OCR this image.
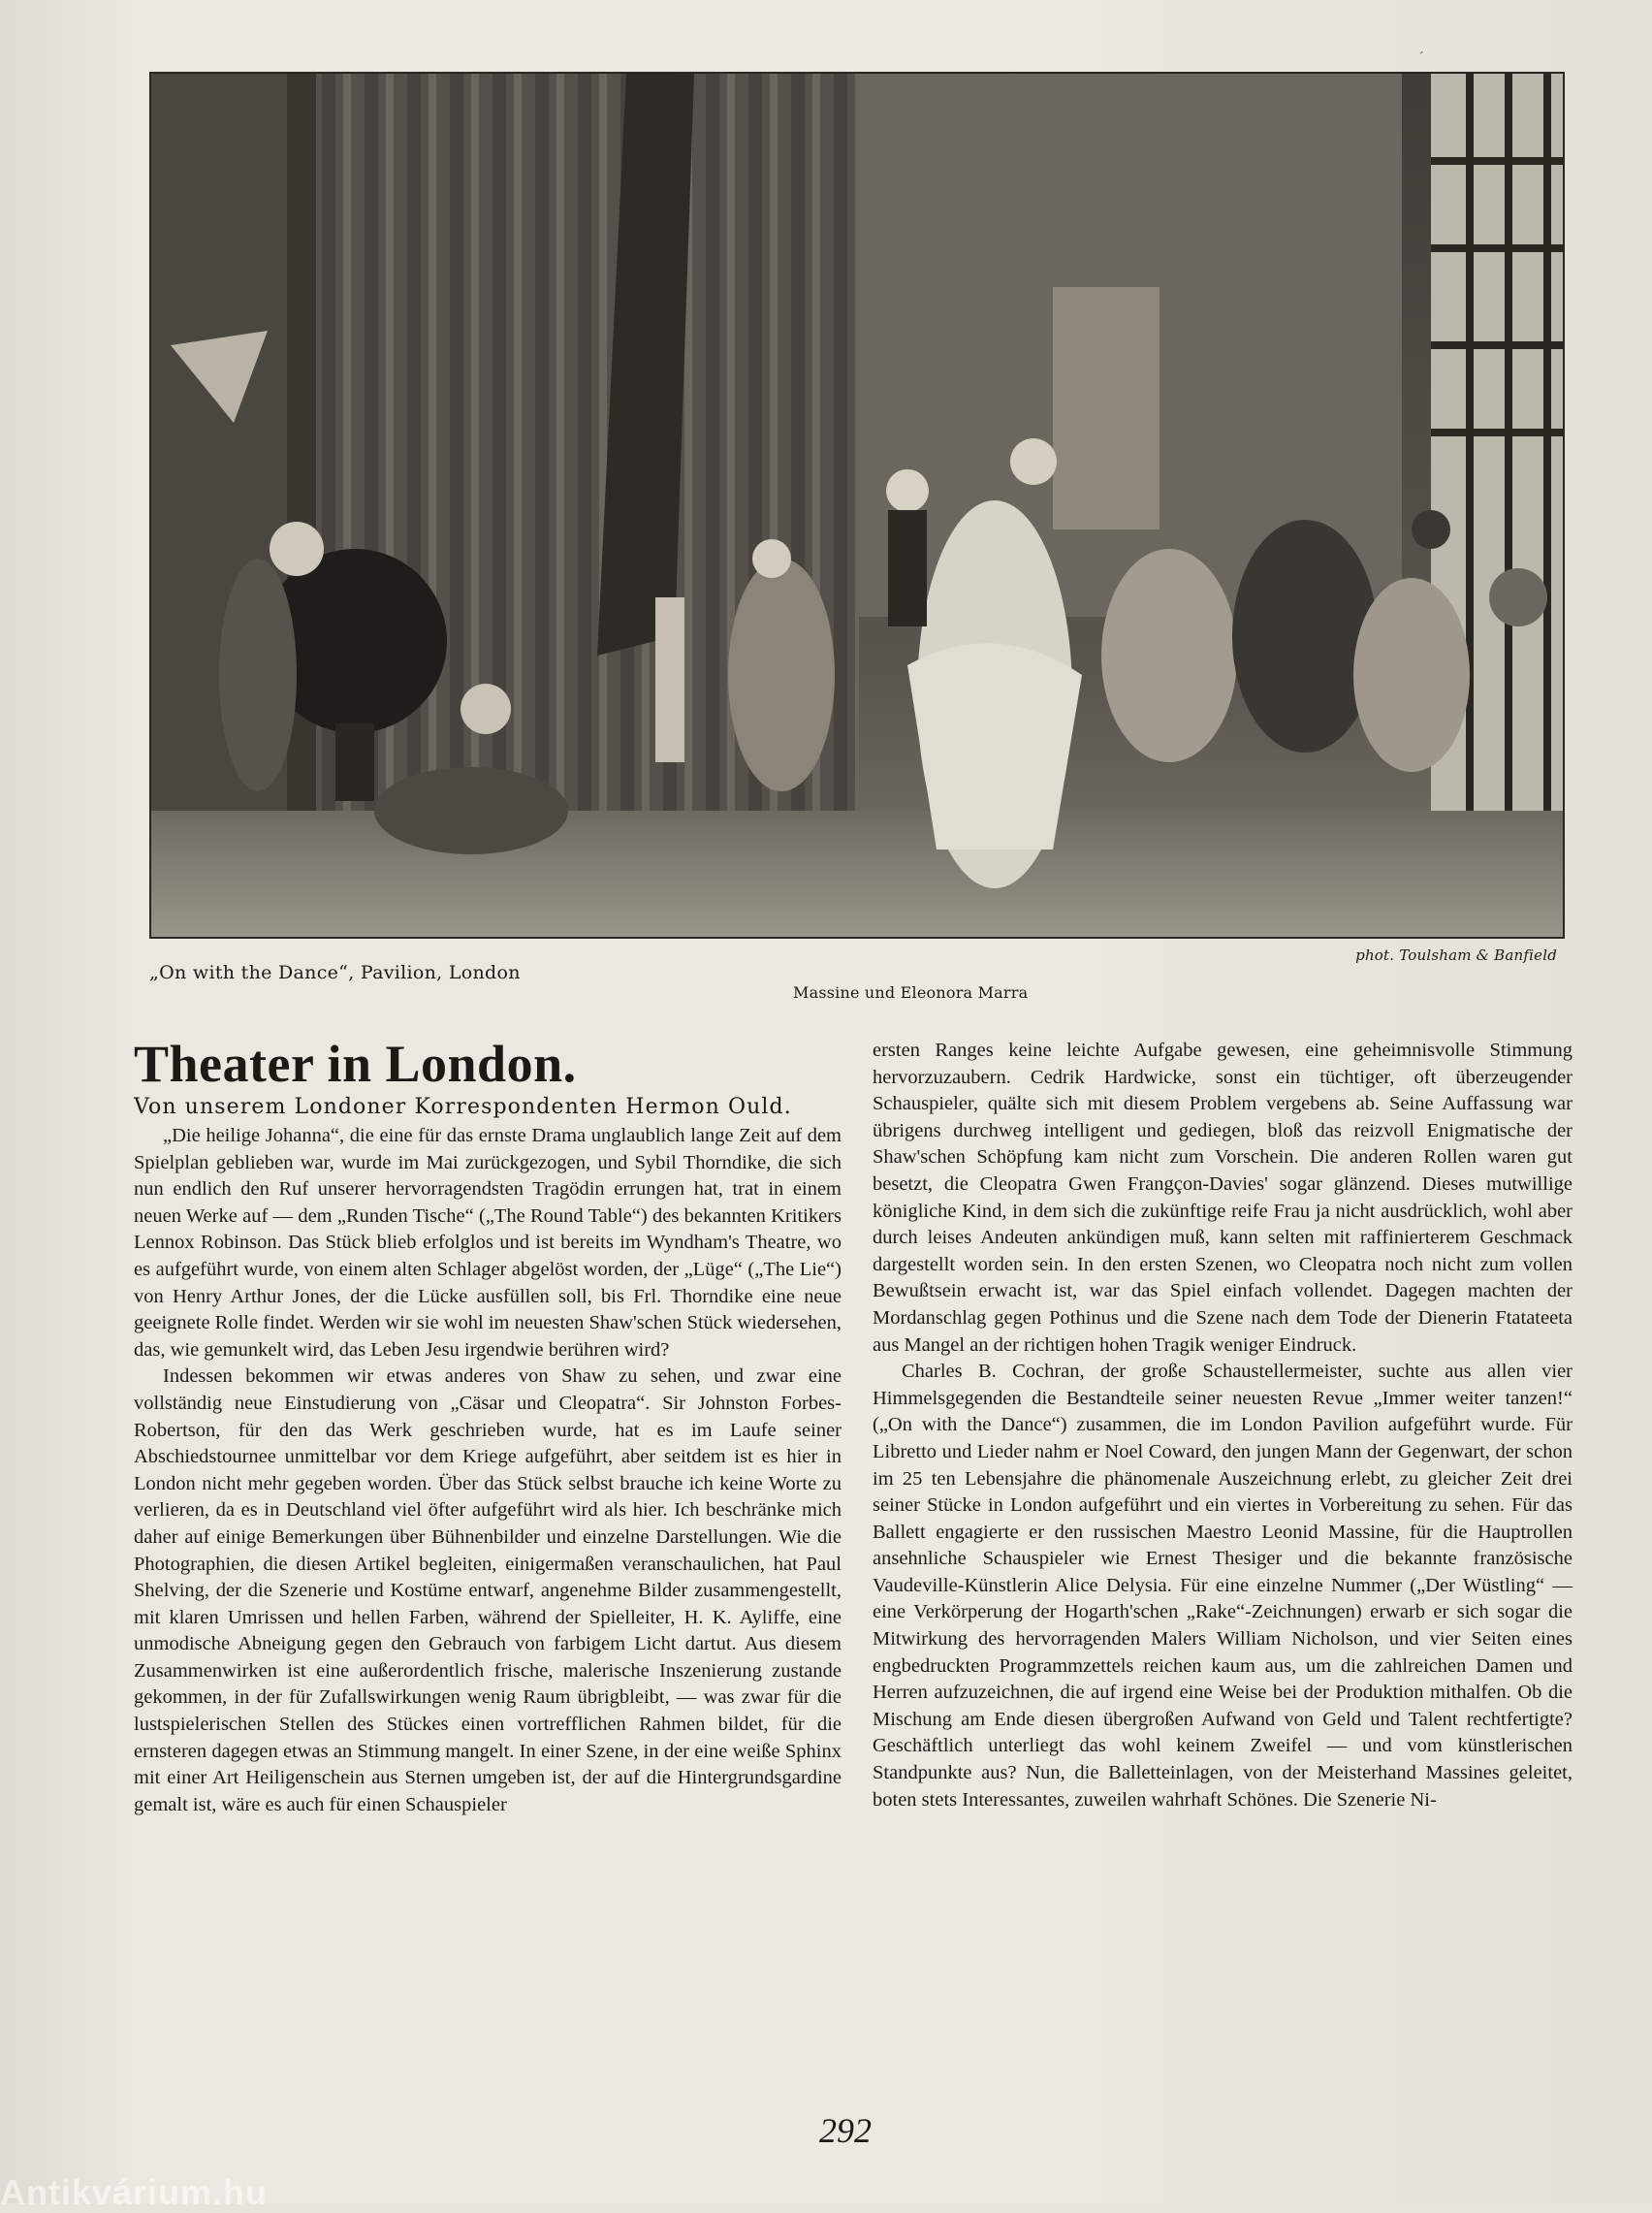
´
„On with the Dance“, Pavilion, London
Massine und Eleonora Marra
phot. Toulsham & Banfield
Theater in London.
Von unserem Londoner Korrespondenten Hermon Ould.

„Die heilige Johanna“, die eine für das ernste Drama unglaublich lange Zeit auf dem Spielplan geblieben war, wurde im Mai zurückgezogen, und Sybil Thorndike, die sich nun endlich den Ruf unserer hervorragendsten Tragödin errungen hat, trat in einem neuen Werke auf — dem „Runden Tische“ („The Round Table“) des bekannten Kritikers Lennox Robinson. Das Stück blieb erfolglos und ist bereits im Wyndham's Theatre, wo es aufgeführt wurde, von einem alten Schlager abgelöst worden, der „Lüge“ („The Lie“) von Henry Arthur Jones, der die Lücke ausfüllen soll, bis Frl. Thorndike eine neue geeignete Rolle findet. Werden wir sie wohl im neuesten Shaw'schen Stück wiedersehen, das, wie gemunkelt wird, das Leben Jesu irgendwie berühren wird?

Indessen bekommen wir etwas anderes von Shaw zu sehen, und zwar eine vollständig neue Einstudierung von „Cäsar und Cleopatra“. Sir Johnston Forbes-Robertson, für den das Werk geschrieben wurde, hat es im Laufe seiner Abschiedstournee unmittelbar vor dem Kriege aufgeführt, aber seitdem ist es hier in London nicht mehr gegeben worden. Über das Stück selbst brauche ich keine Worte zu verlieren, da es in Deutschland viel öfter aufgeführt wird als hier. Ich beschränke mich daher auf einige Bemerkungen über Bühnenbilder und einzelne Darstellungen. Wie die Photographien, die diesen Artikel begleiten, einigermaßen veranschaulichen, hat Paul Shelving, der die Szenerie und Kostüme entwarf, angenehme Bilder zusammengestellt, mit klaren Umrissen und hellen Farben, während der Spielleiter, H. K. Ayliffe, eine unmodische Abneigung gegen den Gebrauch von farbigem Licht dartut. Aus diesem Zusammenwirken ist eine außerordentlich frische, malerische Inszenierung zustande gekommen, in der für Zufallswirkungen wenig Raum übrigbleibt, — was zwar für die lustspielerischen Stellen des Stückes einen vortrefflichen Rahmen bildet, für die ernsteren dagegen etwas an Stimmung mangelt. In einer Szene, in der eine weiße Sphinx mit einer Art Heiligenschein aus Sternen umgeben ist, der auf die Hintergrundsgardine gemalt ist, wäre es auch für einen Schauspieler

ersten Ranges keine leichte Aufgabe gewesen, eine geheimnisvolle Stimmung hervorzuzaubern. Cedrik Hardwicke, sonst ein tüchtiger, oft überzeugender Schauspieler, quälte sich mit diesem Problem vergebens ab. Seine Auffassung war übrigens durchweg intelligent und gediegen, bloß das reizvoll Enigmatische der Shaw'schen Schöpfung kam nicht zum Vorschein. Die anderen Rollen waren gut besetzt, die Cleopatra Gwen Frangçon-Davies' sogar glänzend. Dieses mutwillige königliche Kind, in dem sich die zukünftige reife Frau ja nicht ausdrücklich, wohl aber durch leises Andeuten ankündigen muß, kann selten mit raffinierterem Geschmack dargestellt worden sein. In den ersten Szenen, wo Cleopatra noch nicht zum vollen Bewußtsein erwacht ist, war das Spiel einfach vollendet. Dagegen machten der Mordanschlag gegen Pothinus und die Szene nach dem Tode der Dienerin Ftatateeta aus Mangel an der richtigen hohen Tragik weniger Eindruck.

Charles B. Cochran, der große Schaustellermeister, suchte aus allen vier Himmelsgegenden die Bestandteile seiner neuesten Revue „Immer weiter tanzen!“ („On with the Dance“) zusammen, die im London Pavilion aufgeführt wurde. Für Libretto und Lieder nahm er Noel Coward, den jungen Mann der Gegenwart, der schon im 25 ten Lebensjahre die phänomenale Auszeichnung erlebt, zu gleicher Zeit drei seiner Stücke in London aufgeführt und ein viertes in Vorbereitung zu sehen. Für das Ballett engagierte er den russischen Maestro Leonid Massine, für die Hauptrollen ansehnliche Schauspieler wie Ernest Thesiger und die bekannte französische Vaudeville-Künstlerin Alice Delysia. Für eine einzelne Nummer („Der Wüstling“ — eine Verkörperung der Hogarth'schen „Rake“-Zeichnungen) erwarb er sich sogar die Mitwirkung des hervorragenden Malers William Nicholson, und vier Seiten eines engbedruckten Programmzettels reichen kaum aus, um die zahlreichen Damen und Herren aufzuzeichnen, die auf irgend eine Weise bei der Produktion mithalfen. Ob die Mischung am Ende diesen übergroßen Aufwand von Geld und Talent rechtfertigte? Geschäftlich unterliegt das wohl keinem Zweifel — und vom künstlerischen Standpunkte aus? Nun, die Balletteinlagen, von der Meisterhand Massines geleitet, boten stets Interessantes, zuweilen wahrhaft Schönes. Die Szenerie Ni-

292
Antikvárium.hu
